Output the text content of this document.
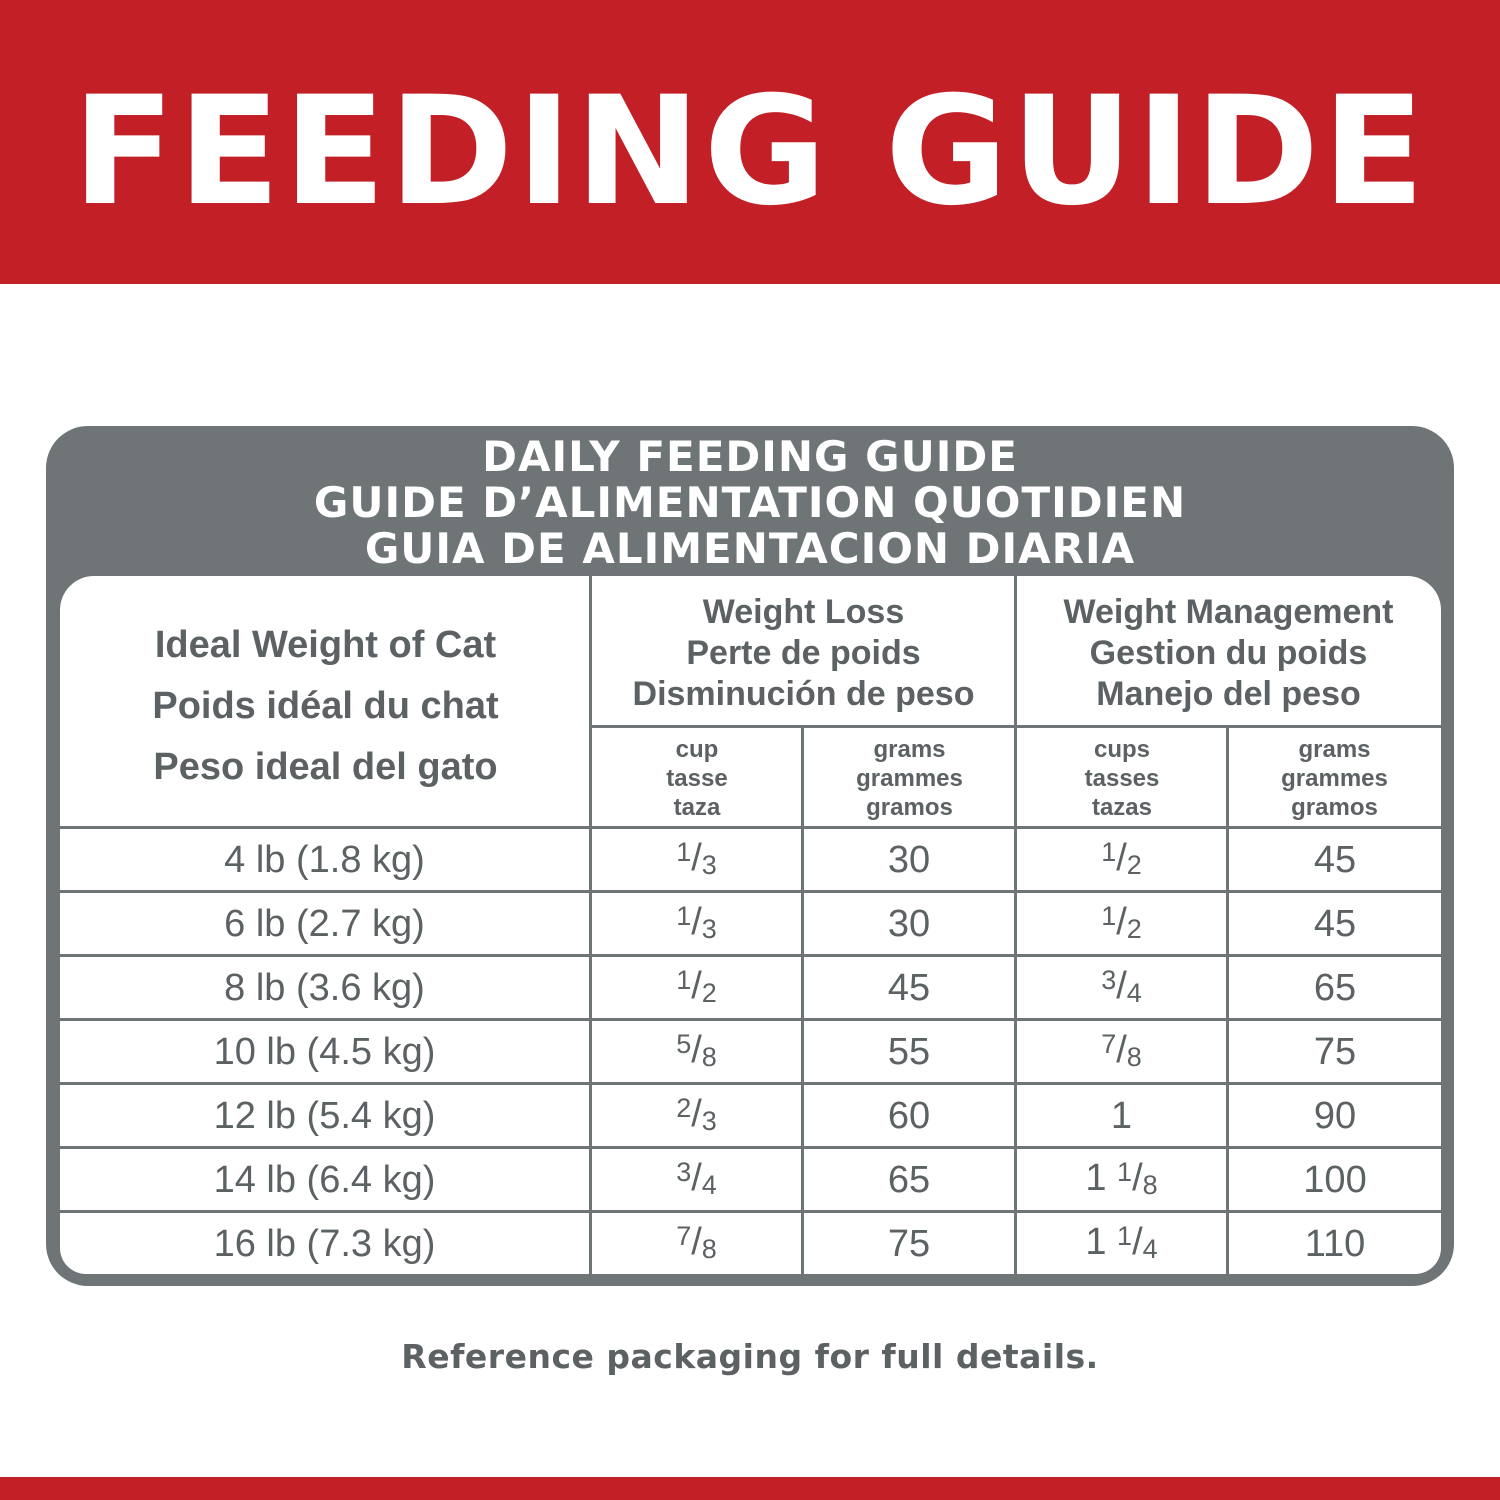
FEEDING GUIDE
DAILY FEEDING GUIDE
GUIDE D’ALIMENTATION QUOTIDIEN
GUIA DE ALIMENTACION DIARIA
Ideal Weight of Cat
Poids idéal du chat
Peso ideal del gato
Weight Loss
Perte de poids
Disminución de peso
Weight Management
Gestion du poids
Manejo del peso
cup
tasse
taza
grams
grammes
gramos
cups
tasses
tazas
grams
grammes
gramos
4 lb (1.8 kg)	$^1$/3	30	$^1$/2	45
6 lb (2.7 kg)	$^1$/3	30	$^1$/2	45
8 lb (3.6 kg)	$^1$/2	45	$^3$/4	65
10 lb (4.5 kg)	$^5$/8	55	$^7$/8	75
12 lb (5.4 kg)	$^2$/3	60	1	90
14 lb (6.4 kg)	$^3$/4	65	1 $^1$/8	100
16 lb (7.3 kg)	$^7$/8	75	1 $^1$/4	110
Reference packaging for full details.
